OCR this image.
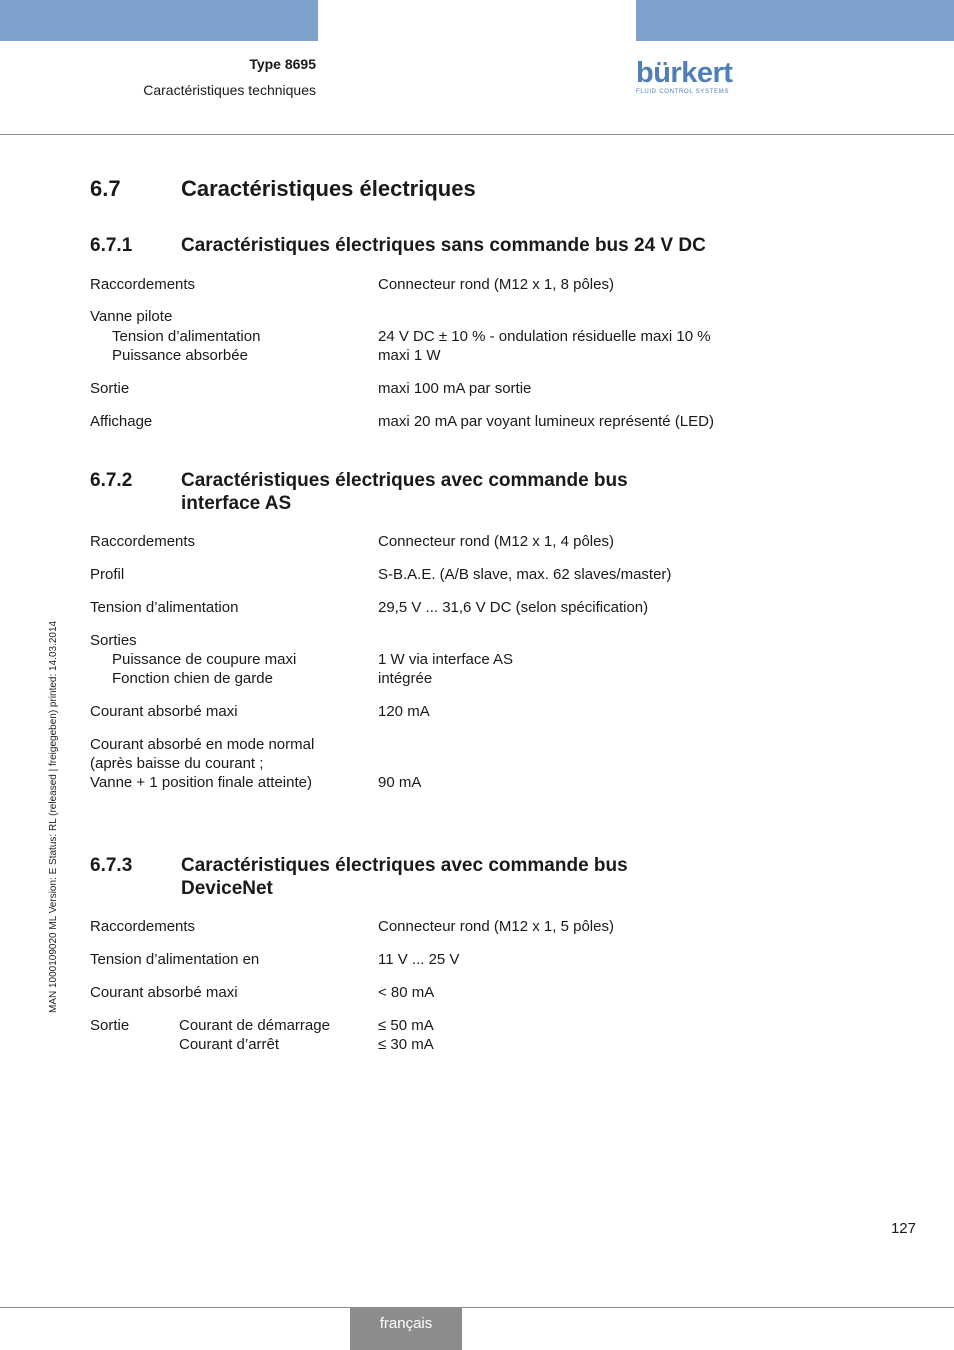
Type 8695
Caractéristiques techniques
bürkert
FLUID CONTROL SYSTEMS
MAN 1000109020 ML Version: E Status: RL (released | freigegeben) printed: 14.03.2014
6.7	Caractéristiques électriques
6.7.1	Caractéristiques électriques sans commande bus 24 V DC
Raccordements	Connecteur rond (M12 x 1, 8 pôles)
Vanne pilote
Tension d’alimentation	24 V DC ± 10 % - ondulation résiduelle maxi 10 %
Puissance absorbée	maxi 1 W
Sortie	maxi 100 mA par sortie
Affichage	maxi 20 mA par voyant lumineux représenté (LED)
6.7.2	Caractéristiques électriques avec commande bus
interface AS
Raccordements	Connecteur rond (M12 x 1, 4 pôles)
Profil	S-B.A.E. (A/B slave, max. 62 slaves/master)
Tension d’alimentation	29,5 V ... 31,6 V DC (selon spécification)
Sorties
Puissance de coupure maxi	1 W via interface AS
Fonction chien de garde	intégrée
Courant absorbé maxi	120 mA
Courant absorbé en mode normal
(après baisse du courant ;
Vanne + 1 position finale atteinte)	90 mA
6.7.3	Caractéristiques électriques avec commande bus
DeviceNet
Raccordements	Connecteur rond (M12 x 1, 5 pôles)
Tension d’alimentation en	11 V ... 25 V
Courant absorbé maxi	< 80 mA
Sortie	Courant de démarrage	≤ 50 mA
Courant d’arrêt	≤ 30 mA
127
français
